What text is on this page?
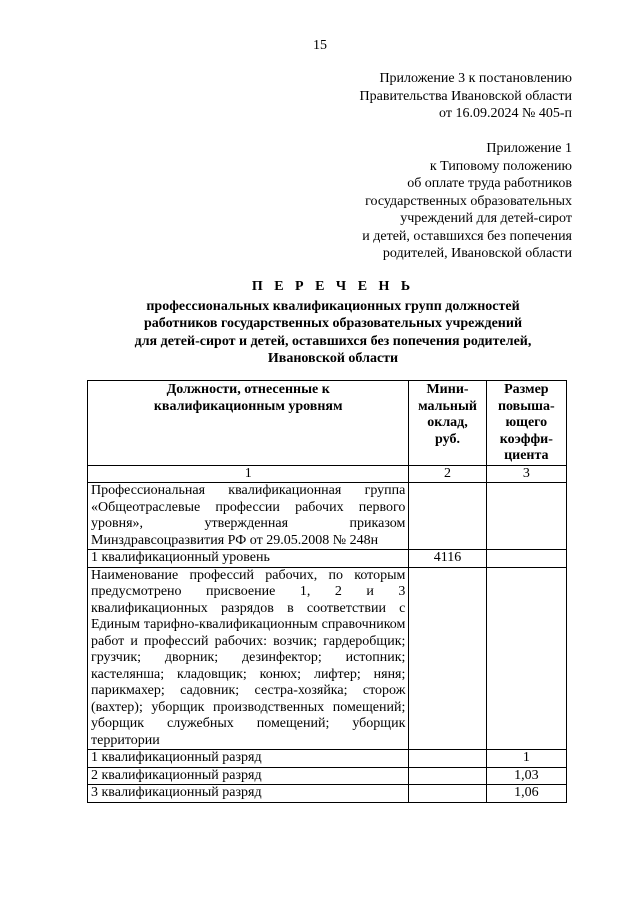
15
Приложение 3 к постановлению
Правительства Ивановской области
от 16.09.2024 № 405-п
Приложение 1
к Типовому положению
об оплате труда работников
государственных образовательных
учреждений для детей-сирот
и детей, оставшихся без попечения
родителей, Ивановской области
П Е Р Е Ч Е Н Ь
профессиональных квалификационных групп должностей
работников государственных образовательных учреждений
для детей-сирот и детей, оставшихся без попечения родителей,
Ивановской области
Должности, отнесенные к квалификационным уровням	Мини-мальный оклад, руб.	Размер повыша-ющего коэффи-циента
1	2	3
Профессиональная квалификационная группа «Общеотраслевые профессии рабочих первого уровня», утвержденная приказом Минздравсоцразвития РФ от 29.05.2008 № 248н		
1 квалификационный уровень	4116	
Наименование профессий рабочих, по которым предусмотрено присвоение 1, 2 и 3 квалификационных разрядов в соответствии с Единым тарифно-квалификационным справочником работ и профессий рабочих: возчик; гардеробщик; грузчик; дворник; дезинфектор; истопник; кастелянша; кладовщик; конюх; лифтер; няня; парикмахер; садовник; сестра-хозяйка; сторож (вахтер); уборщик производственных помещений; уборщик служебных помещений; уборщик территории		
1 квалификационный разряд		1
2 квалификационный разряд		1,03
3 квалификационный разряд		1,06
